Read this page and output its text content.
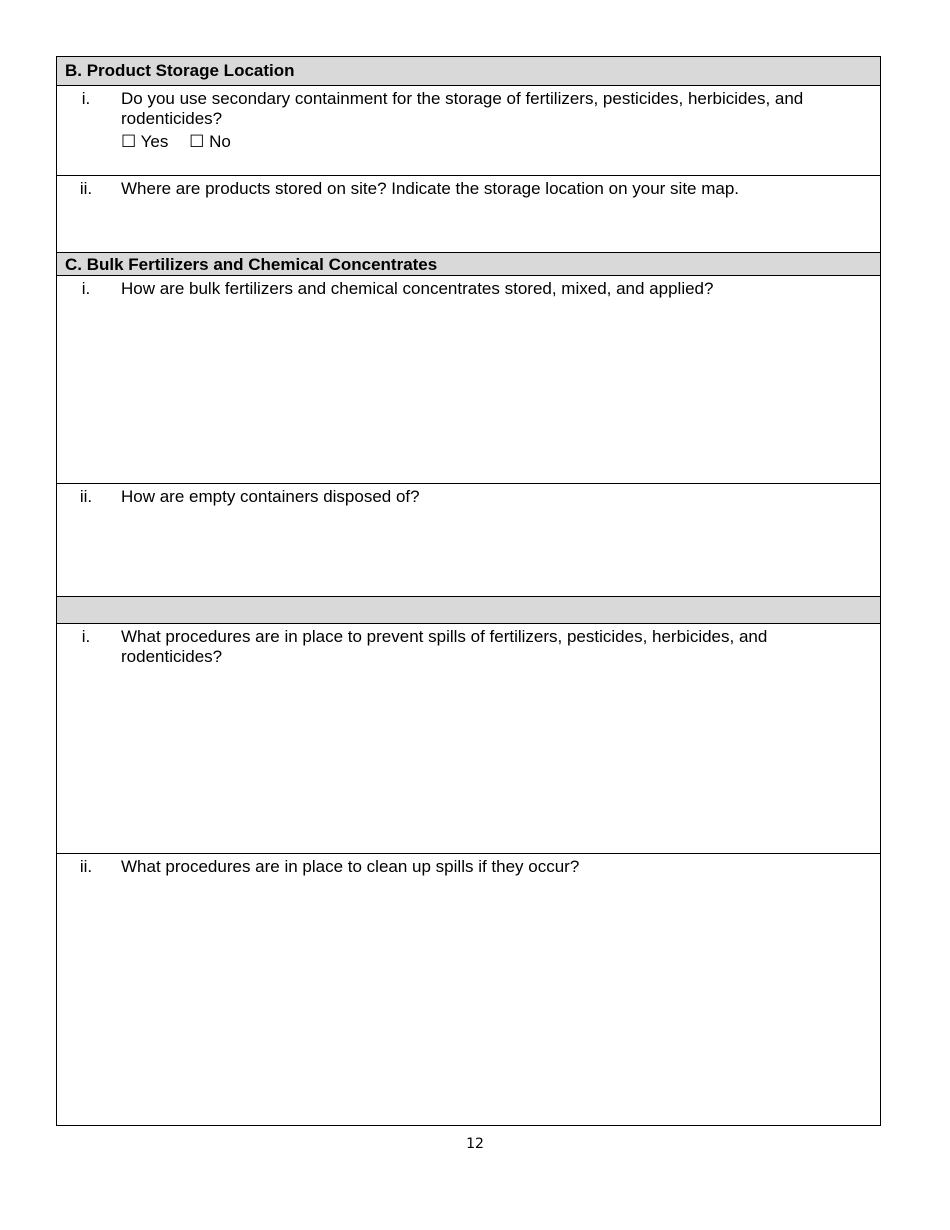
B. Product Storage Location

i.	Do you use secondary containment for the storage of fertilizers, pesticides, herbicides, and rodenticides?
☐ Yes ☐ No

ii.	Where are products stored on site? Indicate the storage location on your site map.

C. Bulk Fertilizers and Chemical Concentrates

i.	How are bulk fertilizers and chemical concentrates stored, mixed, and applied?

ii.	How are empty containers disposed of?

i.	What procedures are in place to prevent spills of fertilizers, pesticides, herbicides, and rodenticides?

ii.	What procedures are in place to clean up spills if they occur?
12
